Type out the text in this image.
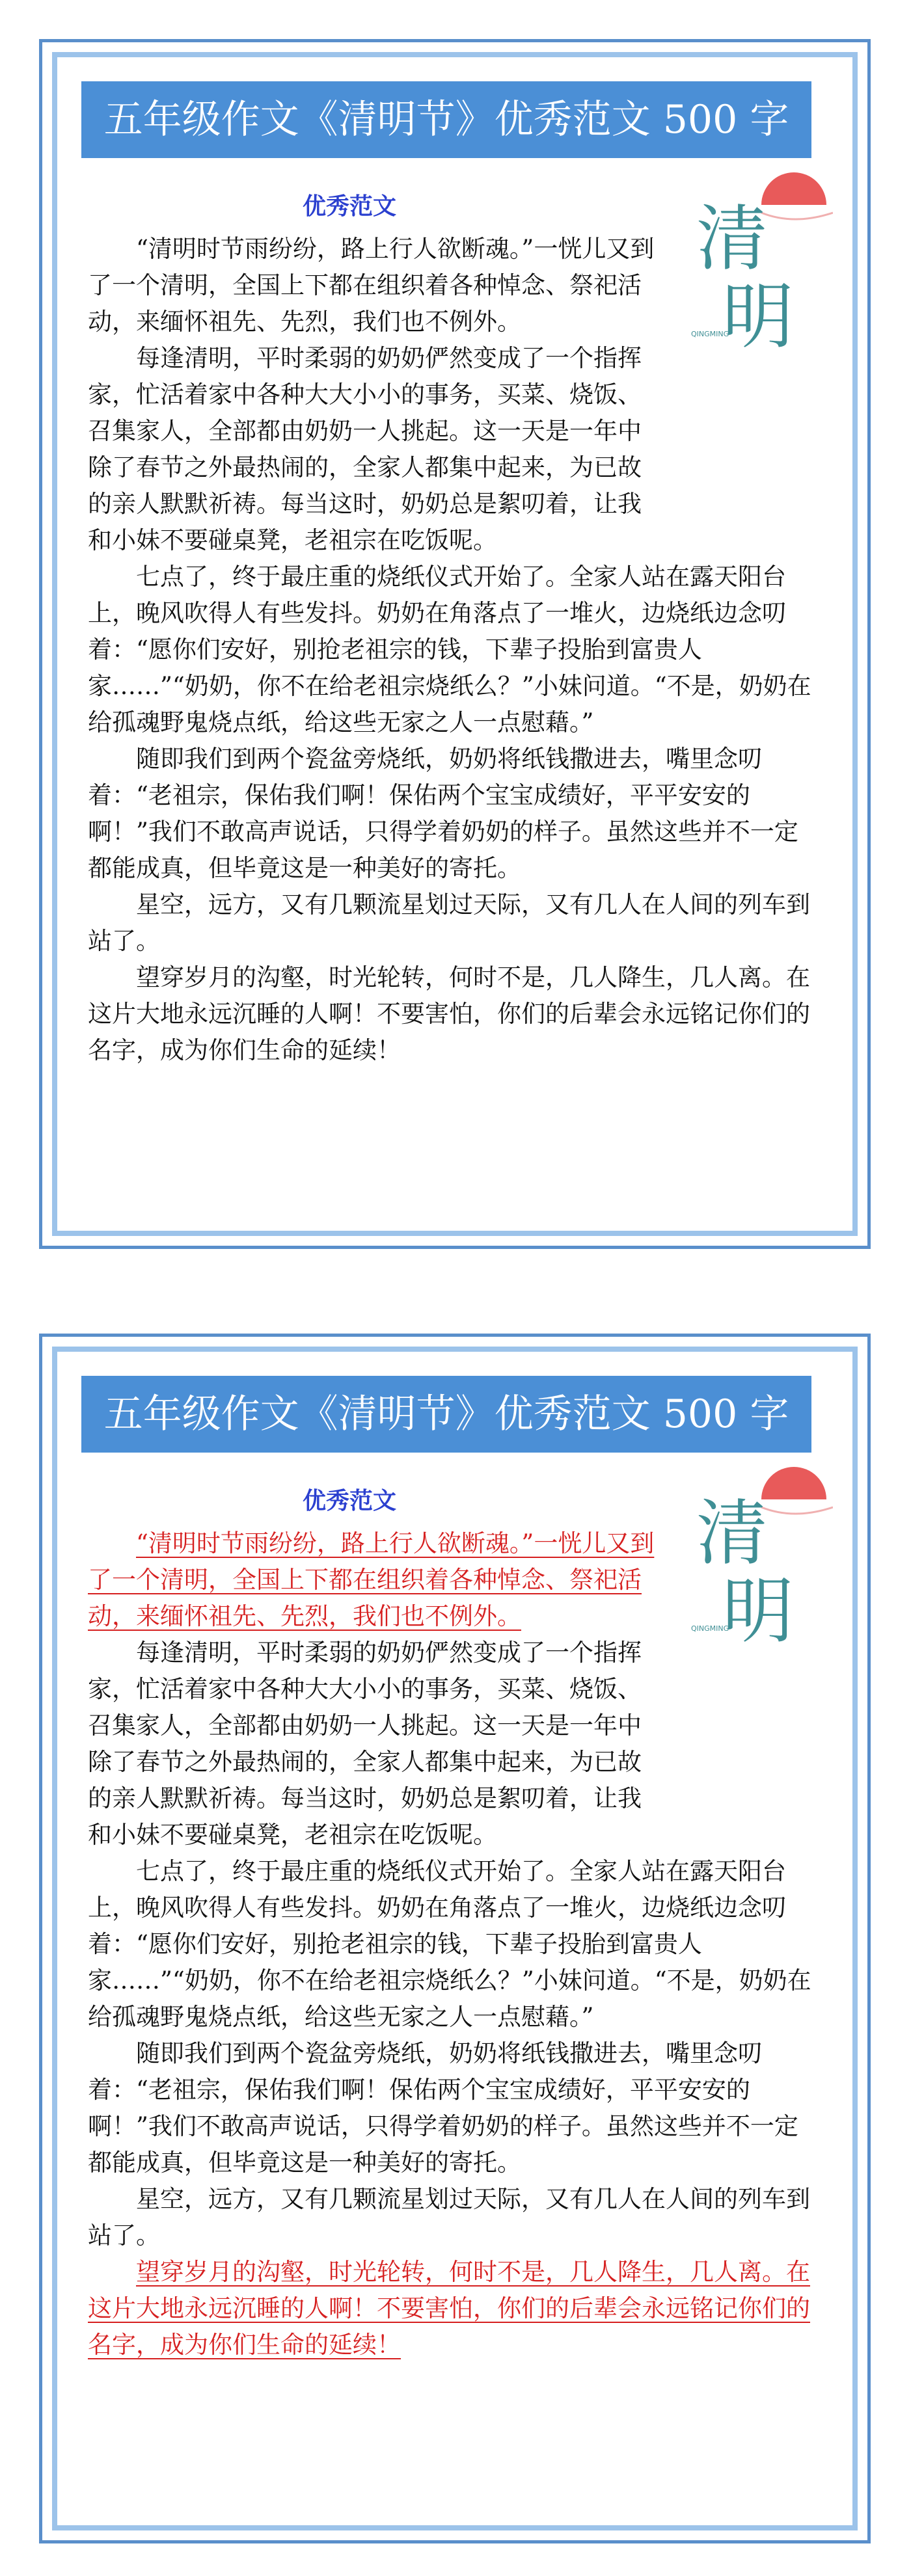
五年级作文《清明节》优秀范文 500 字
优秀范文	清
明
QINGMING

“清明时节雨纷纷，路上行人欲断魂。”一恍儿又到了一个清明，全国上下都在组织着各种悼念、祭祀活动，来缅怀祖先、先烈，我们也不例外。

每逢清明，平时柔弱的奶奶俨然变成了一个指挥家，忙活着家中各种大大小小的事务，买菜、烧饭、召集家人，全部都由奶奶一人挑起。这一天是一年中除了春节之外最热闹的，全家人都集中起来，为已故的亲人默默祈祷。每当这时，奶奶总是絮叨着，让我和小妹不要碰桌凳，老祖宗在吃饭呢。

七点了，终于最庄重的烧纸仪式开始了。全家人站在露天阳台上，晚风吹得人有些发抖。奶奶在角落点了一堆火，边烧纸边念叨着：“愿你们安好，别抢老祖宗的钱，下辈子投胎到富贵人家……”“奶奶，你不在给老祖宗烧纸么？”小妹问道。“不是，奶奶在给孤魂野鬼烧点纸，给这些无家之人一点慰藉。”

随即我们到两个瓷盆旁烧纸，奶奶将纸钱撒进去，嘴里念叨着：“老祖宗，保佑我们啊！保佑两个宝宝成绩好，平平安安的啊！”我们不敢高声说话，只得学着奶奶的样子。虽然这些并不一定都能成真，但毕竟这是一种美好的寄托。

星空，远方，又有几颗流星划过天际，又有几人在人间的列车到站了。

望穿岁月的沟壑，时光轮转，何时不是，几人降生，几人离。在这片大地永远沉睡的人啊！不要害怕，你们的后辈会永远铭记你们的名字，成为你们生命的延续！

五年级作文《清明节》优秀范文 500 字
优秀范文	清
明
QINGMING

“清明时节雨纷纷，路上行人欲断魂。”一恍儿又到了一个清明，全国上下都在组织着各种悼念、祭祀活动，来缅怀祖先、先烈，我们也不例外。

每逢清明，平时柔弱的奶奶俨然变成了一个指挥家，忙活着家中各种大大小小的事务，买菜、烧饭、召集家人，全部都由奶奶一人挑起。这一天是一年中除了春节之外最热闹的，全家人都集中起来，为已故的亲人默默祈祷。每当这时，奶奶总是絮叨着，让我和小妹不要碰桌凳，老祖宗在吃饭呢。

七点了，终于最庄重的烧纸仪式开始了。全家人站在露天阳台上，晚风吹得人有些发抖。奶奶在角落点了一堆火，边烧纸边念叨着：“愿你们安好，别抢老祖宗的钱，下辈子投胎到富贵人家……”“奶奶，你不在给老祖宗烧纸么？”小妹问道。“不是，奶奶在给孤魂野鬼烧点纸，给这些无家之人一点慰藉。”

随即我们到两个瓷盆旁烧纸，奶奶将纸钱撒进去，嘴里念叨着：“老祖宗，保佑我们啊！保佑两个宝宝成绩好，平平安安的啊！”我们不敢高声说话，只得学着奶奶的样子。虽然这些并不一定都能成真，但毕竟这是一种美好的寄托。

星空，远方，又有几颗流星划过天际，又有几人在人间的列车到站了。

望穿岁月的沟壑，时光轮转，何时不是，几人降生，几人离。在这片大地永远沉睡的人啊！不要害怕，你们的后辈会永远铭记你们的名字，成为你们生命的延续！
